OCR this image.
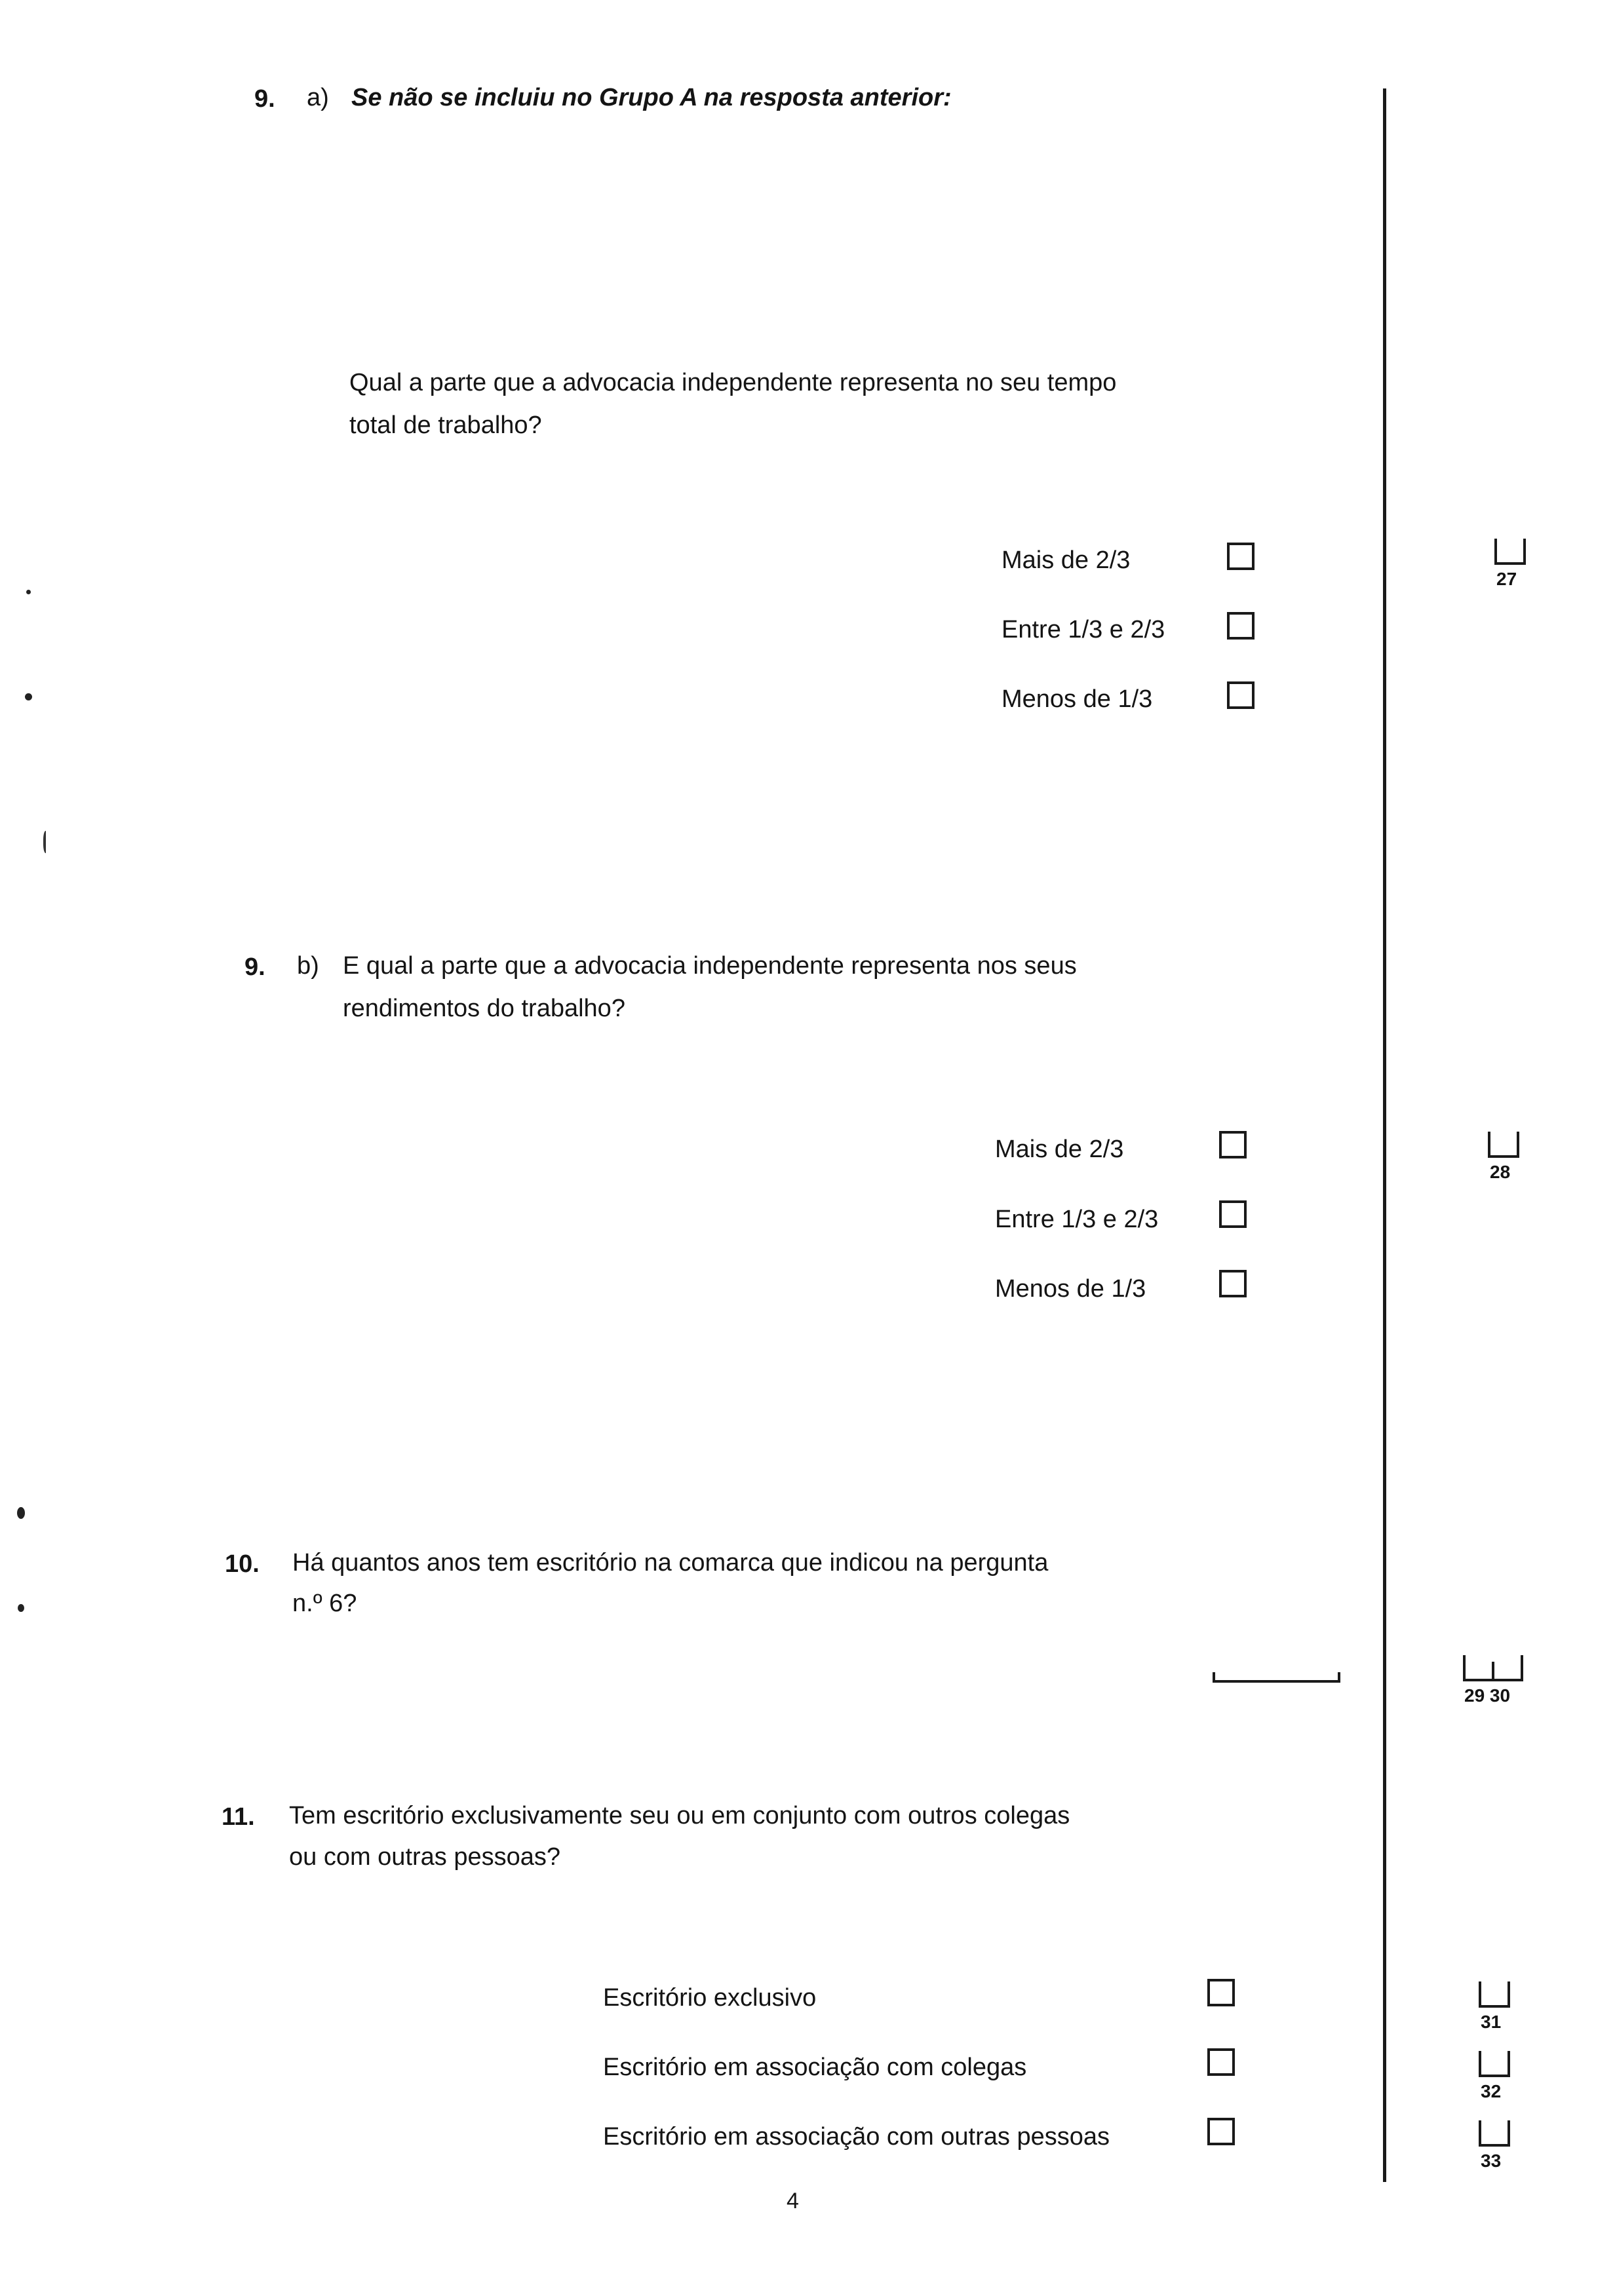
9. a) Se não se incluiu no Grupo A na resposta anterior:
Qual a parte que a advocacia independente representa no seu tempo
total de trabalho?
Mais de 2/3
Entre 1/3 e 2/3
Menos de 1/3
27
9. b) E qual a parte que a advocacia independente representa nos seus
rendimentos do trabalho?
Mais de 2/3
Entre 1/3 e 2/3
Menos de 1/3
28
10. Há quantos anos tem escritório na comarca que indicou na pergunta
n.º 6?
29 30
11. Tem escritório exclusivamente seu ou em conjunto com outros colegas
ou com outras pessoas?
Escritório exclusivo
Escritório em associação com colegas
Escritório em associação com outras pessoas
31
32
33
4
